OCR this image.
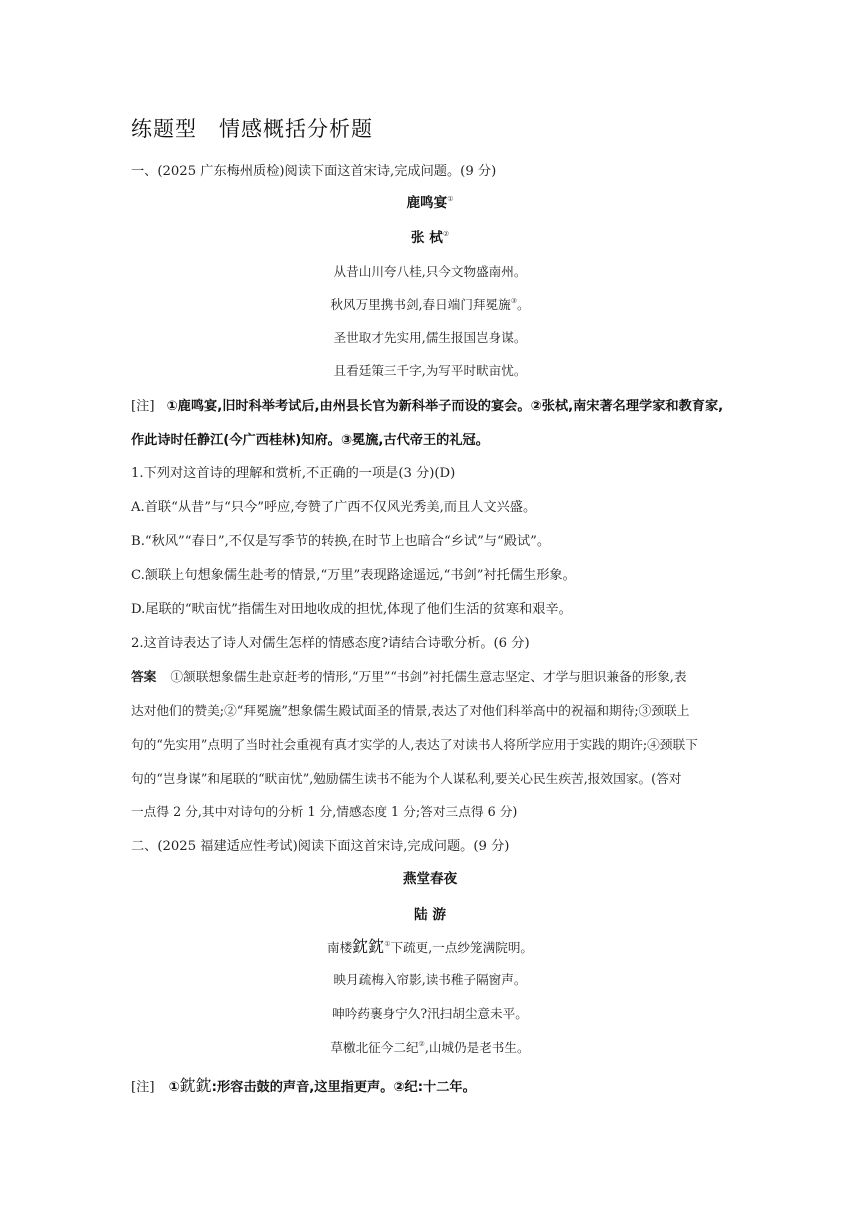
练题型　情感概括分析题
一、(2025 广东梅州质检)阅读下面这首宋诗,完成问题。(9 分)
鹿鸣宴①
张 栻②
从昔山川夸八桂,只今文物盛南州。
秋风万里携书剑,春日端门拜冕旒③。
圣世取才先实用,儒生报国岂身谋。
且看廷策三千字,为写平时畎亩忧。
[注] ①鹿鸣宴,旧时科举考试后,由州县长官为新科举子而设的宴会。②张栻,南宋著名理学家和教育家,
作此诗时任静江(今广西桂林)知府。③冕旒,古代帝王的礼冠。
1.下列对这首诗的理解和赏析,不正确的一项是(3 分)(D)
A.首联“从昔”与“只今”呼应,夸赞了广西不仅风光秀美,而且人文兴盛。
B.“秋风”“春日”,不仅是写季节的转换,在时节上也暗合“乡试”与“殿试”。
C.颔联上句想象儒生赴考的情景,“万里”表现路途遥远,“书剑”衬托儒生形象。
D.尾联的“畎亩忧”指儒生对田地收成的担忧,体现了他们生活的贫寒和艰辛。
2.这首诗表达了诗人对儒生怎样的情感态度?请结合诗歌分析。(6 分)
答案 ①颔联想象儒生赴京赶考的情形,“万里”“书剑”衬托儒生意志坚定、才学与胆识兼备的形象,表
达对他们的赞美;②“拜冕旒”想象儒生殿试面圣的情景,表达了对他们科举高中的祝福和期待;③颈联上
句的“先实用”点明了当时社会重视有真才实学的人,表达了对读书人将所学应用于实践的期许;④颈联下
句的“岂身谋”和尾联的“畎亩忧”,勉励儒生读书不能为个人谋私利,要关心民生疾苦,报效国家。(答对
一点得 2 分,其中对诗句的分析 1 分,情感态度 1 分;答对三点得 6 分)
二、(2025 福建适应性考试)阅读下面这首宋诗,完成问题。(9 分)
燕堂春夜
陆 游
南楼鈂鈂①下疏更,一点纱笼满院明。
映月疏梅入帘影,读书稚子隔窗声。
呻吟药裹身宁久?汛扫胡尘意未平。
草檄北征今二纪②,山城仍是老书生。
[注] ①鈂鈂:形容击鼓的声音,这里指更声。②纪:十二年。
